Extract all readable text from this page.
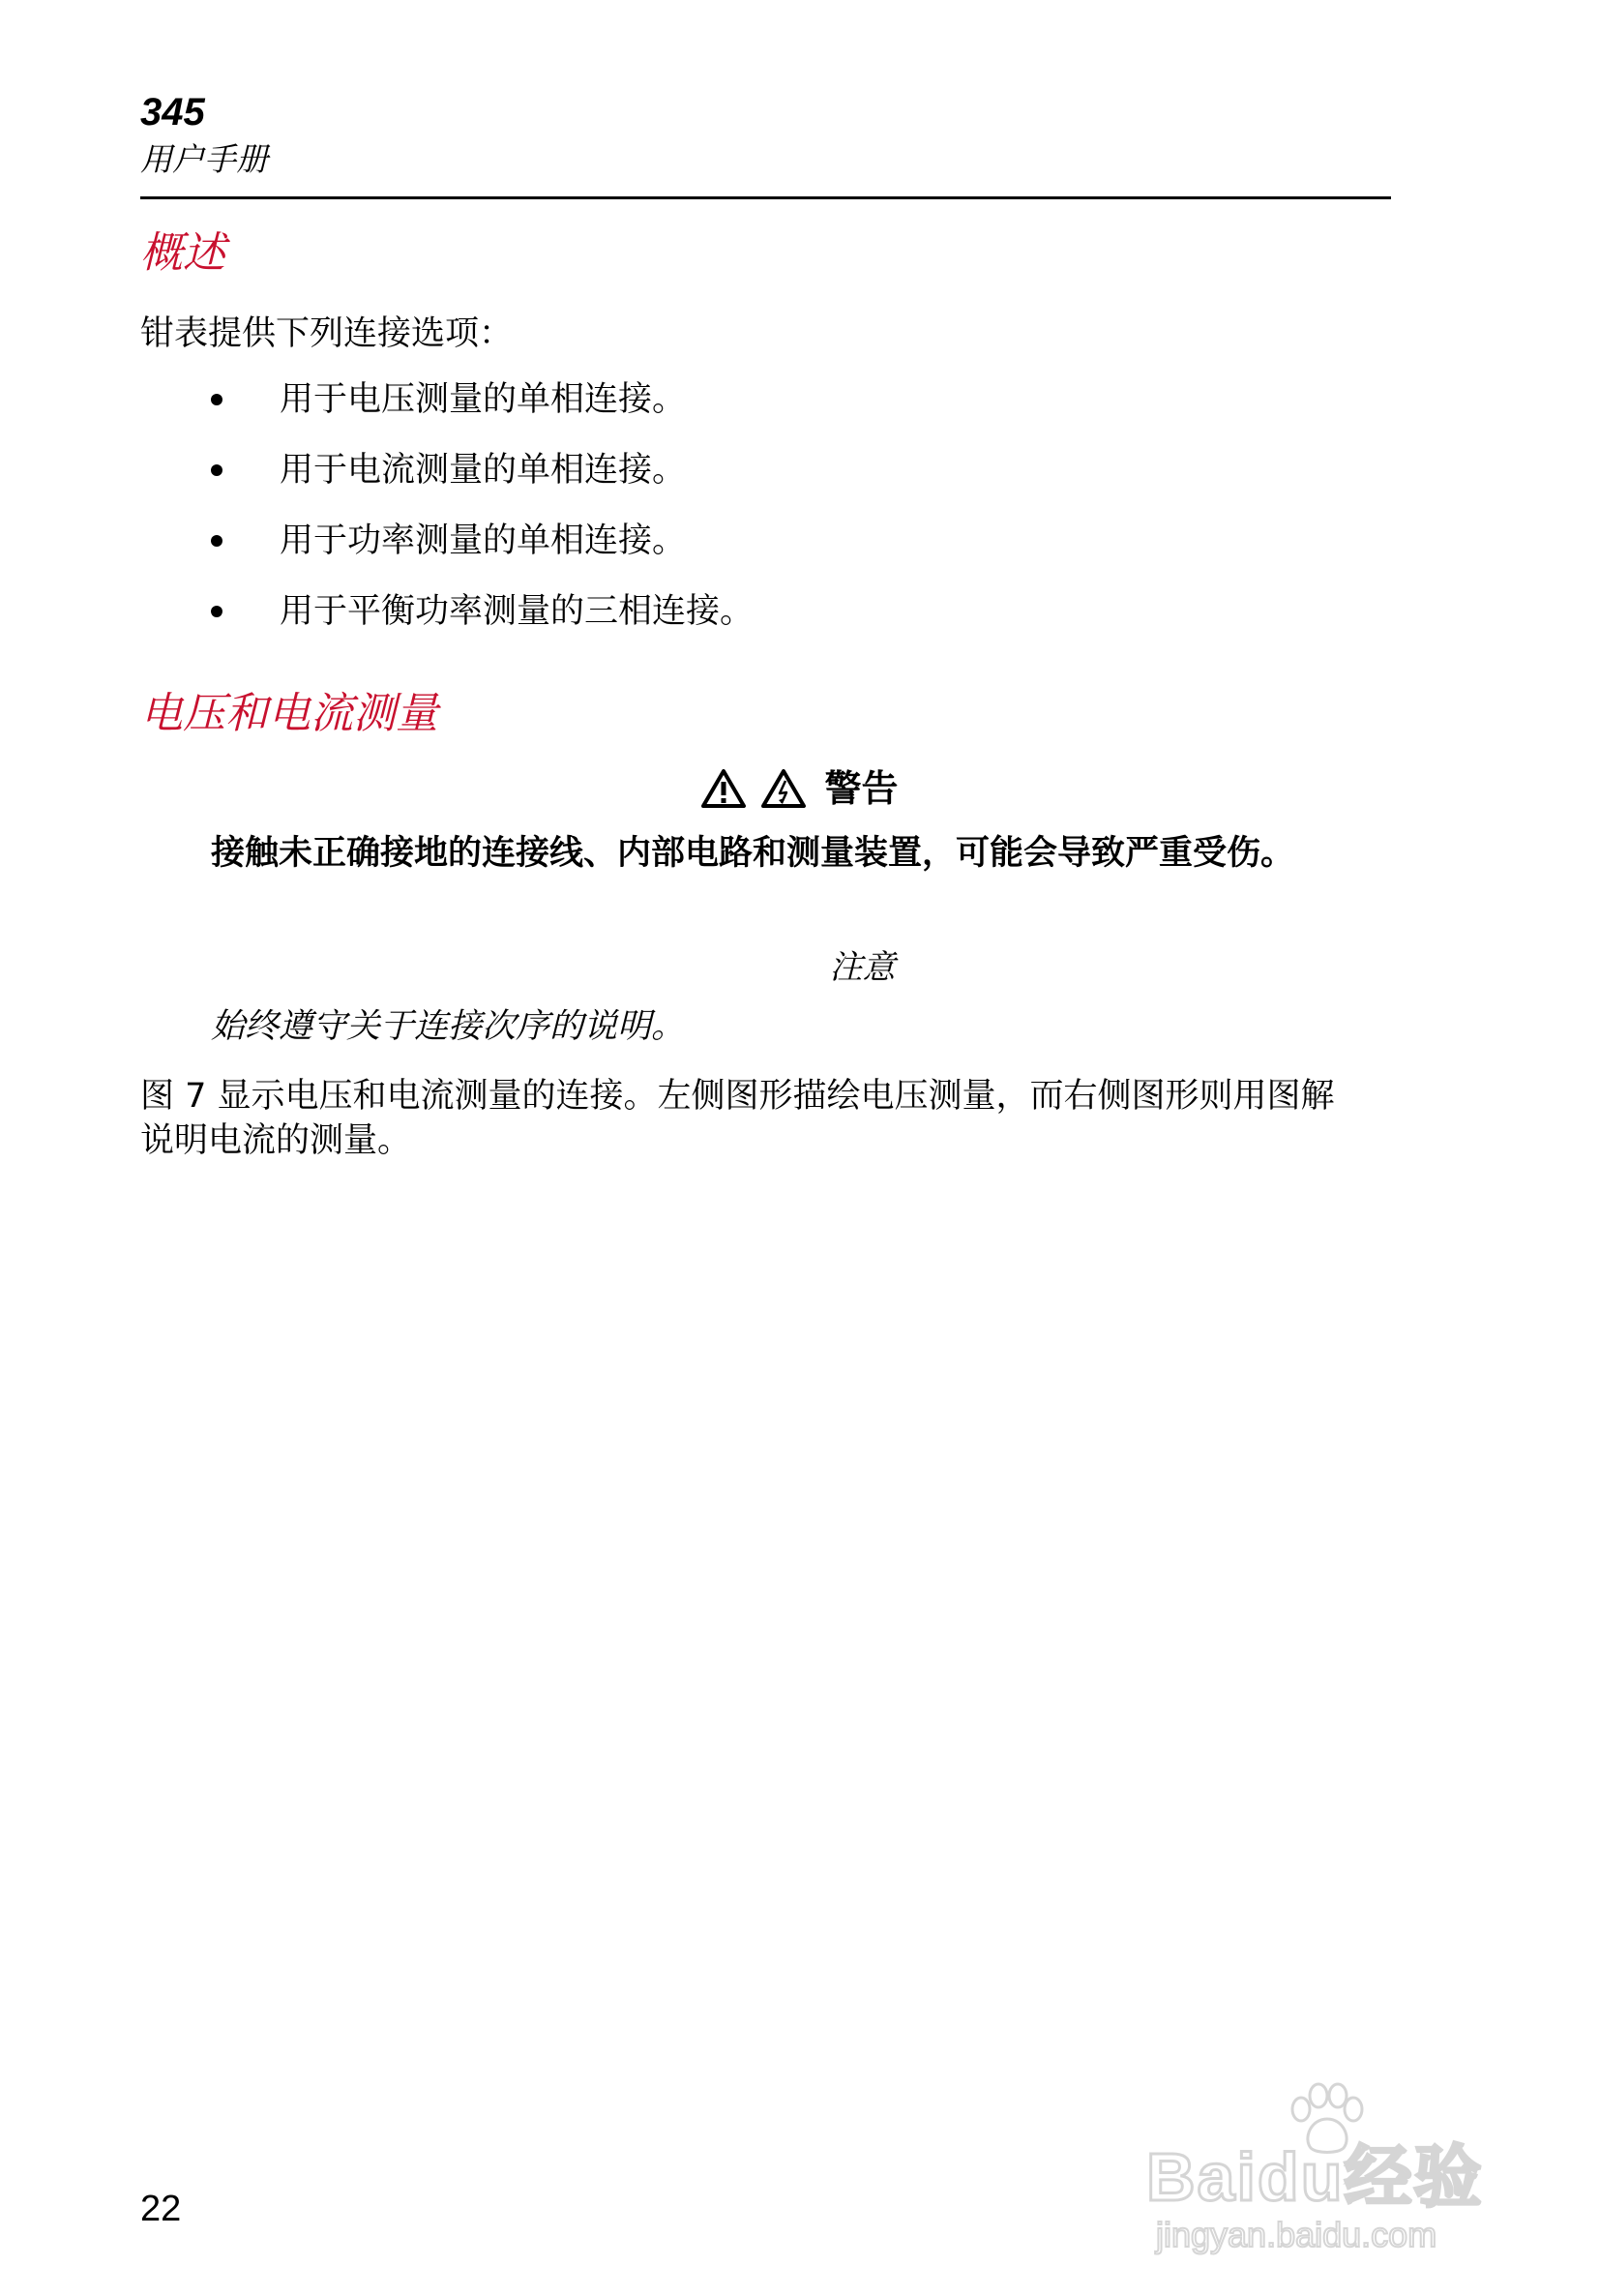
345
用户手册
概述
钳表提供下列连接选项：
用于电压测量的单相连接。
用于电流测量的单相连接。
用于功率测量的单相连接。
用于平衡功率测量的三相连接。
电压和电流测量
警告
接触未正确接地的连接线、内部电路和测量装置，可能会导致严重受伤。
注意
始终遵守关于连接次序的说明。
图 7 显示电压和电流测量的连接。左侧图形描绘电压测量，而右侧图形则用图解说明电流的测量。
22	Baidu经验
jingyan.baidu.com
